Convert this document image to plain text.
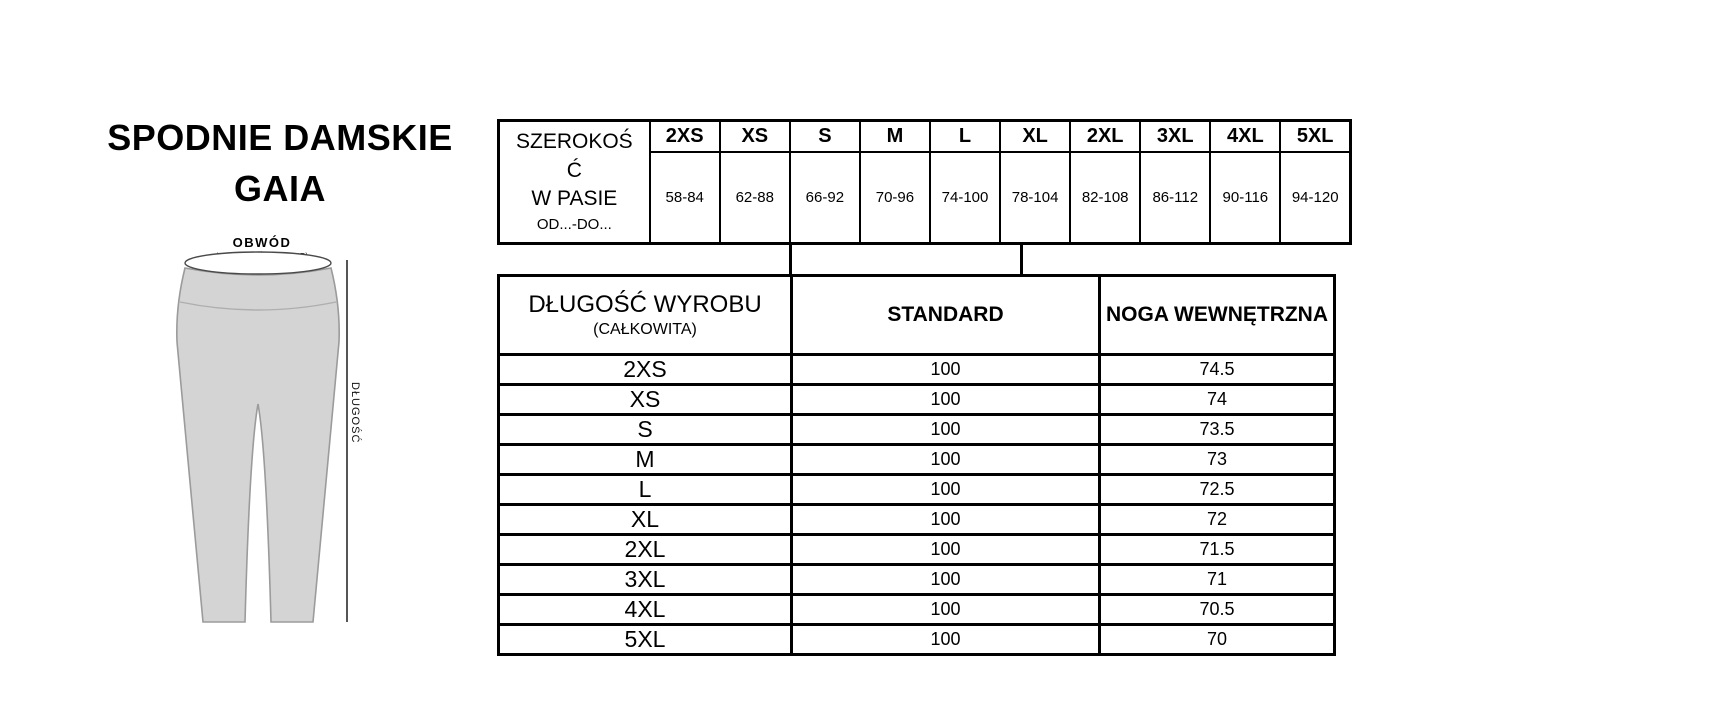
SPODNIE DAMSKIE
GAIA
OBWÓD
DŁUGOŚĆ
SZEROKOŚ
Ć
W PASIE
OD...-DO...	2XS	XS	S	M	L	XL	2XL	3XL	4XL	5XL
	58-84	62-88	66-92	70-96	74-100	78-104	82-108	86-112	90-116	94-120
DŁUGOŚĆ WYROBU
(CAŁKOWITA)	STANDARD	NOGA WEWNĘTRZNA
2XS	100	74.5
XS	100	74
S	100	73.5
M	100	73
L	100	72.5
XL	100	72
2XL	100	71.5
3XL	100	71
4XL	100	70.5
5XL	100	70
